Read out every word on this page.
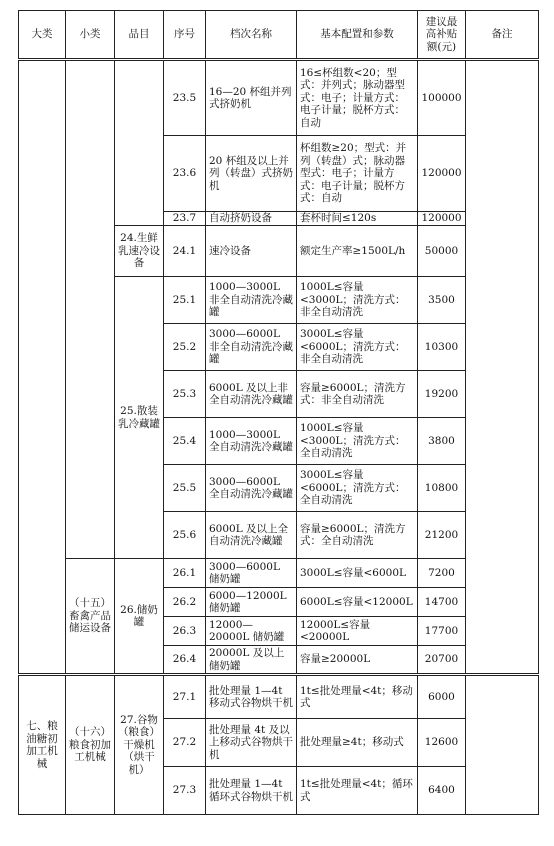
大类	小类	品目	序号	档次名称	基本配置和参数	建议最高补贴额(元)	备注
			23.5	16—20 杯组并列式挤奶机	16≤杯组数<20；型式：并列式；脉动器型式：电子；计量方式：电子计量；脱杯方式：自动	100000	
			23.6	20 杯组及以上并列（转盘）式挤奶机	杯组数≥20；型式：并列（转盘）式；脉动器型式：电子；计量方式：电子计量；脱杯方式：自动	120000	
			23.7	自动挤奶设备	套杯时间≤120s	120000	
		24.生鲜乳速冷设备	24.1	速冷设备	额定生产率≥1500L/h	50000	
		25.散装乳冷藏罐	25.1	1000—3000L 非全自动清洗冷藏罐	1000L≤容量<3000L；清洗方式：非全自动清洗	3500	
			25.2	3000—6000L 非全自动清洗冷藏罐	3000L≤容量<6000L；清洗方式：非全自动清洗	10300	
			25.3	6000L 及以上非全自动清洗冷藏罐	容量≥6000L；清洗方式：非全自动清洗	19200	
			25.4	1000—3000L 全自动清洗冷藏罐	1000L≤容量<3000L；清洗方式：全自动清洗	3800	
			25.5	3000—6000L 全自动清洗冷藏罐	3000L≤容量<6000L；清洗方式：全自动清洗	10800	
			25.6	6000L 及以上全自动清洗冷藏罐	容量≥6000L；清洗方式：全自动清洗	21200	
	（十五）畜禽产品储运设备	26.储奶罐	26.1	3000—6000L 储奶罐	3000L≤容量<6000L	7200	
			26.2	6000—12000L 储奶罐	6000L≤容量<12000L	14700	
			26.3	12000—20000L 储奶罐	12000L≤容量<20000L	17700	
			26.4	20000L 及以上储奶罐	容量≥20000L	20700	
七、粮油糖初加工机械	（十六）粮食初加工机械	27.谷物（粮食）干燥机（烘干机）	27.1	批处理量 1—4t 移动式谷物烘干机	1t≤批处理量<4t；移动式	6000	
			27.2	批处理量 4t 及以上移动式谷物烘干机	批处理量≥4t；移动式	12600	
			27.3	批处理量 1—4t 循环式谷物烘干机	1t≤批处理量<4t；循环式	6400	
